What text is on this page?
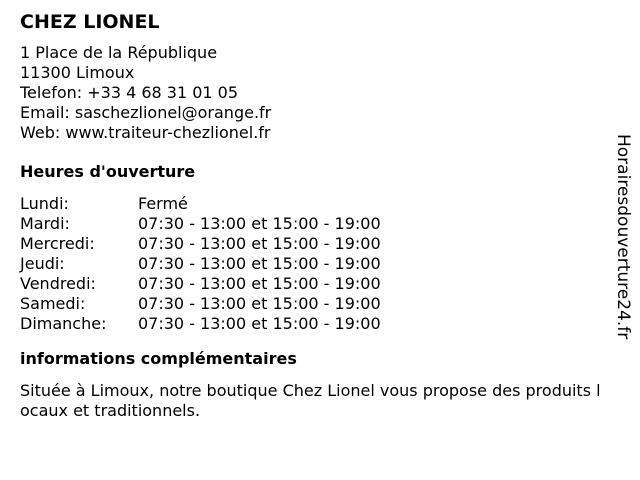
CHEZ LIONEL
1 Place de la République
11300 Limoux
Telefon: +33 4 68 31 01 05
Email: saschezlionel@orange.fr
Web: www.traiteur-chezlionel.fr
Heures d'ouverture
Lundi:	Fermé
Mardi:	07:30 - 13:00 et 15:00 - 19:00
Mercredi:	07:30 - 13:00 et 15:00 - 19:00
Jeudi:	07:30 - 13:00 et 15:00 - 19:00
Vendredi:	07:30 - 13:00 et 15:00 - 19:00
Samedi:	07:30 - 13:00 et 15:00 - 19:00
Dimanche:	07:30 - 13:00 et 15:00 - 19:00
informations complémentaires
Située à Limoux, notre boutique Chez Lionel vous propose des produits locaux et traditionnels.
Horairesdouverture24.fr
